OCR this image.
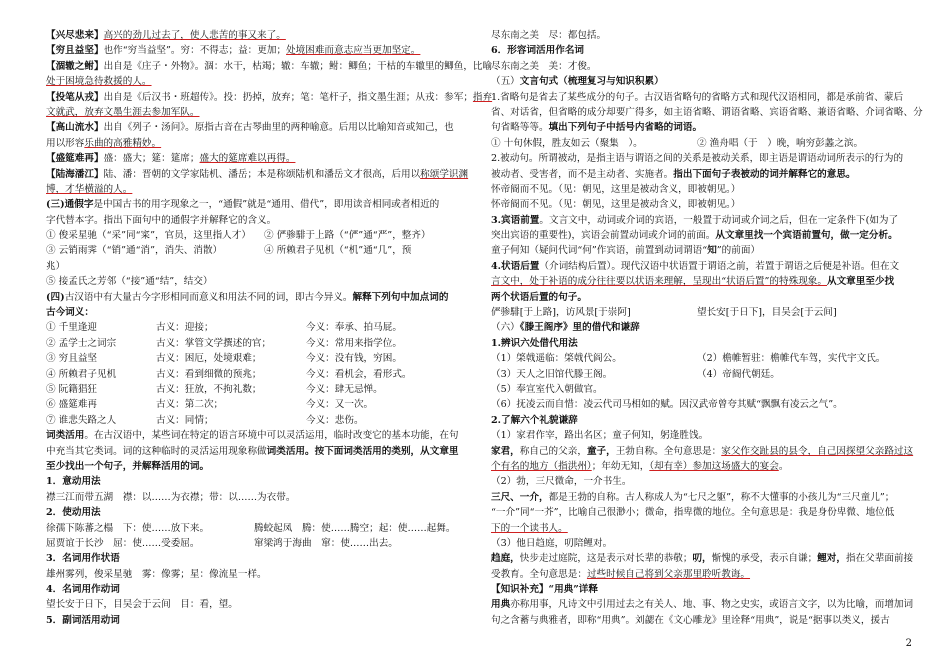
【兴尽悲来】高兴的劲儿过去了，使人悲苦的事又来了。
【穷且益坚】也作“穷当益坚”。穷：不得志；益：更加；处境困难而意志应当更加坚定。
【涸辙之鲋】出自是《庄子・外物》。涸：水干，枯竭；辙：车辙；鲋：鲫鱼；干枯的车辙里的鲫鱼，比喻
处于困境急待救援的人。
【投笔从戎】出自是《后汉书・班超传》。投：扔掉，放弃；笔：笔杆子，指文墨生涯；从戎：参军；指弃
文就武，放弃文墨生涯去参加军队。
【高山流水】出自《列子・汤问》。原指古音在古琴曲里的两种喻意。后用以比喻知音或知己，也
用以形容乐曲的高雅精妙。
【盛筵难再】盛：盛大；筵：筵席；盛大的筵席难以再得。
【陆海潘江】陆、潘：晋朝的文学家陆机、潘岳；本是称颂陆机和潘岳文才很高，后用以称颂学识渊
博，才华横溢的人。
(三)通假字是中国古书的用字现象之一，“通假”就是“通用、借代”，即用读音相同或者相近的
字代替本字。指出下面句中的通假字并解释它的含义。
① 俊采星驰（“采”同“寀”，官员，这里指人才）	② 俨骖騑于上路（“俨”通“严”，整齐）
③ 云销雨霁（“销”通“消”，消失、消散）	④ 所赖君子见机（“机”通“几”，预
兆）
⑤ 接孟氏之芳邻（“接”通“结”，结交）
(四)古汉语中有大量古今字形相同而意义和用法不同的词，即古今异义。解释下列句中加点词的
古今词义：
① 千里逢迎	古义：迎接；	今义：奉承、拍马屁。
② 孟学士之词宗	古义：掌管文学撰述的官；	今义：常用来指学位。
③ 穷且益坚	古义：困厄，处境艰难；	今义：没有钱，穷困。
④ 所赖君子见机	古义：看到细微的预兆；	今义：看机会，看形式。
⑤ 阮籍猖狂	古义：狂放，不拘礼数；	今义：肆无忌惮。
⑥ 盛筵难再	古义：第二次；	今义：又一次。
⑦ 谁悲失路之人	古义：同情；	今义：悲伤。
词类活用。在古汉语中，某些词在特定的语言环境中可以灵活运用，临时改变它的基本功能，在句
中充当其它类词。词的这种临时的灵活运用现象称做词类活用。按下面词类活用的类别，从文章里
至少找出一个句子，并解释活用的词。
1．意动用法
襟三江而带五湖　襟：以……为衣襟；带：以……为衣带。
2．使动用法
徐孺下陈蕃之榻　下：使……放下来。	腾蛟起凤　腾：使……腾空；起：使……起舞。
屈贾谊于长沙　屈：使……受委屈。	窜梁鸿于海曲　窜：使……出去。
3．名词用作状语
雄州雾列，俊采星驰　雾：像雾；星：像流星一样。
4．名词用作动词
望长安于日下，目吴会于云间　目：看，望。
5．副词活用动词
尽东南之美　尽：都包括。
6．形容词活用作名词
尽东南之美　美：才俊。
（五）文言句式（梳理复习与知识积累）
1.省略句是省去了某些成分的句子。古汉语省略句的省略方式和现代汉语相同，都是承前省、蒙后
省、对话省，但省略的成分却要广得多，如主语省略、谓语省略、宾语省略、兼语省略、介词省略、分
句省略等等。填出下列句子中括号内省略的词语。
① 十旬休假，胜友如云（聚集　）。	② 渔舟唱（于　）晚，响穷彭蠡之滨。
2.被动句。所谓被动，是指主语与谓语之间的关系是被动关系，即主语是谓语动词所表示的行为的
被动者、受害者，而不是主动者、实施者。指出下面句子表被动的词并解释它的意思。
怀帝阍而不见。（见：朝见，这里是被动含义，即被朝见。）
怀帝阍而不见。（见：朝见，这里是被动含义，即被朝见。）
3.宾语前置。文言文中，动词或介词的宾语，一般置于动词或介词之后，但在一定条件下(如为了
突出宾语的重要性)，宾语会前置动词或介词的前面。从文章里找一个宾语前置句，做一定分析。
童子何知（疑问代词“何”作宾语，前置到动词谓语“知”的前面）
4.状语后置（介词结构后置）。现代汉语中状语置于谓语之前，若置于谓语之后便是补语。但在文
言文中，处于补语的成分往往要以状语来理解，呈现出“状语后置”的特殊现象。从文章里至少找
两个状语后置的句子。
俨骖騑[于上路]，访风景[于崇阿]	望长安[于日下]，目吴会[于云间]
（六）《滕王阁序》里的借代和谦辞
1.辨识六处借代用法
（1）棨戟遥临：棨戟代阎公。	（2）檐帷暂驻：檐帷代车驾，实代宇文氏。
（3）天人之旧馆代滕王阁。	（4）帝阍代朝廷。
（5）奉宣室代入朝做官。
（6）抚凌云而自惜：凌云代司马相如的赋。因汉武帝曾夸其赋“飘飘有凌云之气”。
2.了解六个礼貌谦辞
（1）家君作宰，路出名区；童子何知，躬逢胜饯。
家君，称自己的父亲，童子，王勃自称。全句意思是：家父作交趾县的县令，自己因探望父亲路过这
个有名的地方（指洪州）；年幼无知，（却有幸）参加这场盛大的宴会。
（2）勃，三尺微命，一介书生。
三尺、一介，都是王勃的自称。古人称成人为“七尺之躯”，称不大懂事的小孩儿为“三尺童儿”；
“一介”同“一芥”，比喻自己很渺小；微命，指卑微的地位。全句意思是：我是身份卑微、地位低
下的一个读书人。
（3）他日趋庭，叨陪鲤对。
趋庭，快步走过庭院，这是表示对长辈的恭敬；叨，惭愧的承受，表示自谦；鲤对，指在父辈面前接
受教育。全句意思是：过些时候自己将到父亲那里聆听教诲。
【知识补充】“用典”详释
用典亦称用事，凡诗文中引用过去之有关人、地、事、物之史实，或语言文字，以为比喻，而增加词
句之含蓄与典雅者，即称“用典”。刘勰在《文心雕龙》里诠释“用典”，说是“据事以类义，援古
2
